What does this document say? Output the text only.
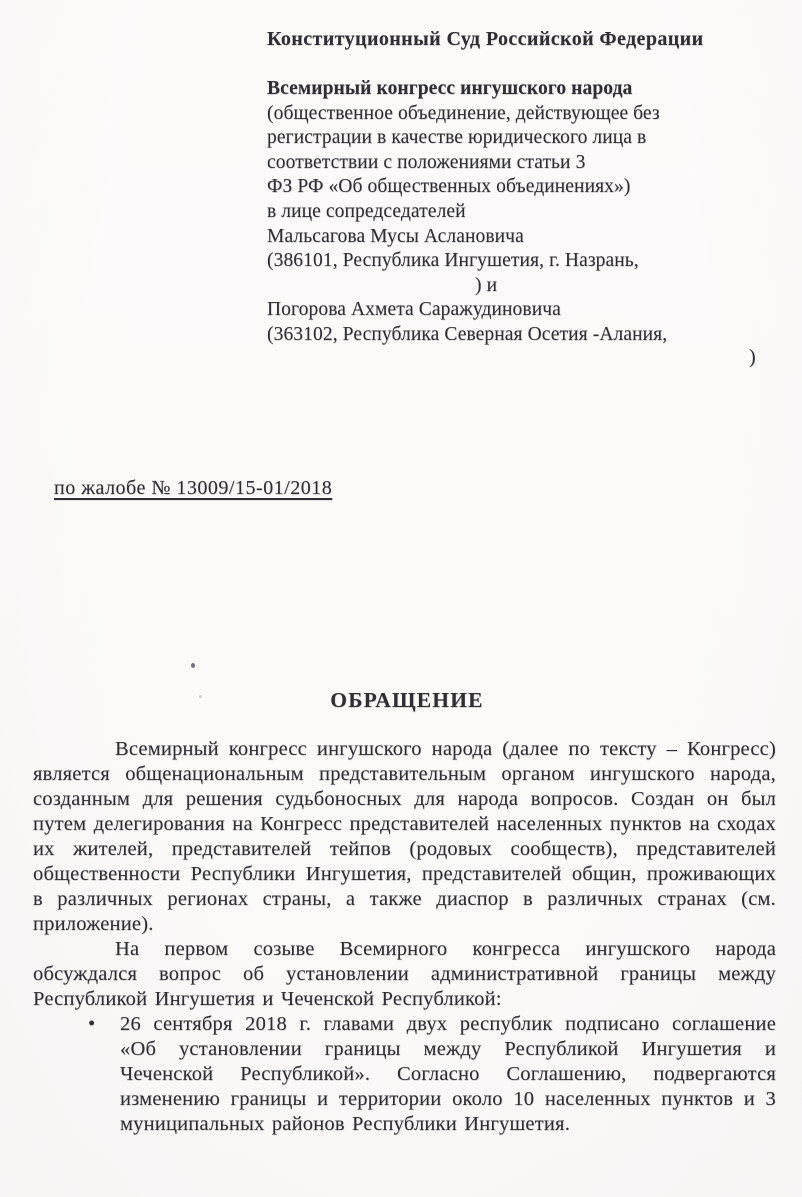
Конституционный Суд Российской Федерации
Всемирный конгресс ингушского народа
(общественное объединение, действующее без
регистрации в качестве юридического лица в
соответствии с положениями статьи 3
ФЗ РФ «Об общественных объединениях»)
в лице сопредседателей
Мальсагова Мусы Аслановича
(386101, Республика Ингушетия, г. Назрань,
) и
Погорова Ахмета Саражудиновича
(363102, Республика Северная Осетия -Алания,
)
по жалобе № 13009/15-01/2018
ОБРАЩЕНИЕ

Всемирный конгресс ингушского народа (далее по тексту – Конгресс) является общенациональным представительным органом ингушского народа, созданным для решения судьбоносных для народа вопросов. Создан он был путем делегирования на Конгресс представителей населенных пунктов на сходах их жителей, представителей тейпов (родовых сообществ), представителей общественности Республики Ингушетия, представителей общин, проживающих в различных регионах страны, а также диаспор в различных странах (см. приложение).

На первом созыве Всемирного конгресса ингушского народа обсуждался вопрос об установлении административной границы между Республикой Ингушетия и Чеченской Республикой:

• 26 сентября 2018 г. главами двух республик подписано соглашение «Об установлении границы между Республикой Ингушетия и Чеченской Республикой». Согласно Соглашению, подвергаются изменению границы и территории около 10 населенных пунктов и 3 муниципальных районов Республики Ингушетия.
